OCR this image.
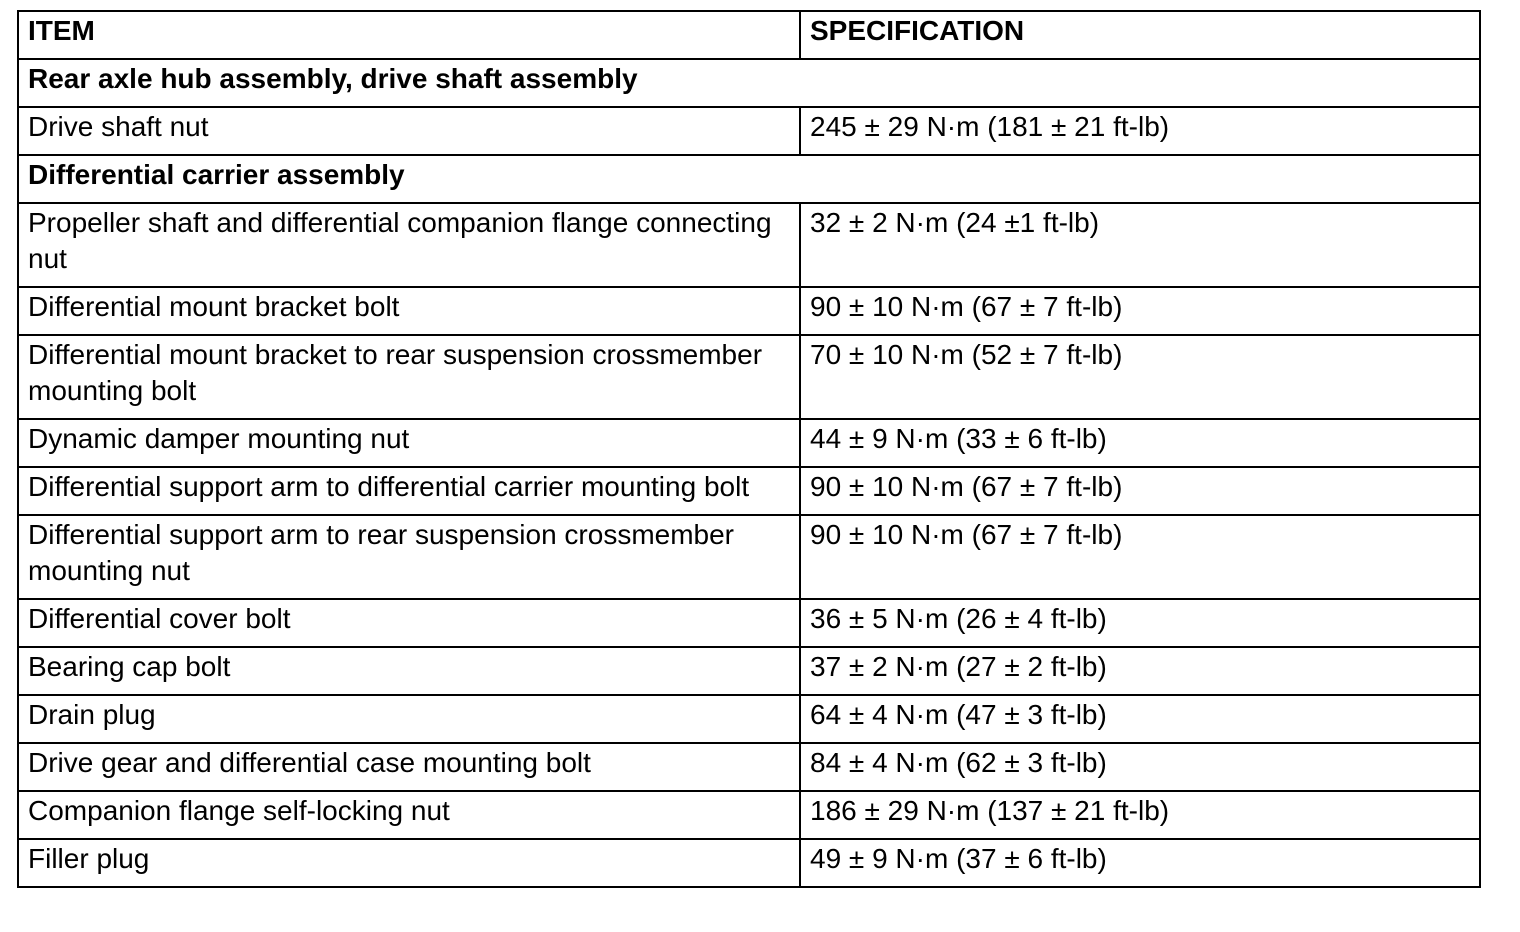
ITEM	SPECIFICATION
Rear axle hub assembly, drive shaft assembly	
Drive shaft nut	245 ± 29 N·m (181 ± 21 ft-lb)
Differential carrier assembly	
Propeller shaft and differential companion flange connecting nut	32 ± 2 N·m (24 ±1 ft-lb)
Differential mount bracket bolt	90 ± 10 N·m (67 ± 7 ft-lb)
Differential mount bracket to rear suspension crossmember mounting bolt	70 ± 10 N·m (52 ± 7 ft-lb)
Dynamic damper mounting nut	44 ± 9 N·m (33 ± 6 ft-lb)
Differential support arm to differential carrier mounting bolt	90 ± 10 N·m (67 ± 7 ft-lb)
Differential support arm to rear suspension crossmember mounting nut	90 ± 10 N·m (67 ± 7 ft-lb)
Differential cover bolt	36 ± 5 N·m (26 ± 4 ft-lb)
Bearing cap bolt	37 ± 2 N·m (27 ± 2 ft-lb)
Drain plug	64 ± 4 N·m (47 ± 3 ft-lb)
Drive gear and differential case mounting bolt	84 ± 4 N·m (62 ± 3 ft-lb)
Companion flange self-locking nut	186 ± 29 N·m (137 ± 21 ft-lb)
Filler plug	49 ± 9 N·m (37 ± 6 ft-lb)
